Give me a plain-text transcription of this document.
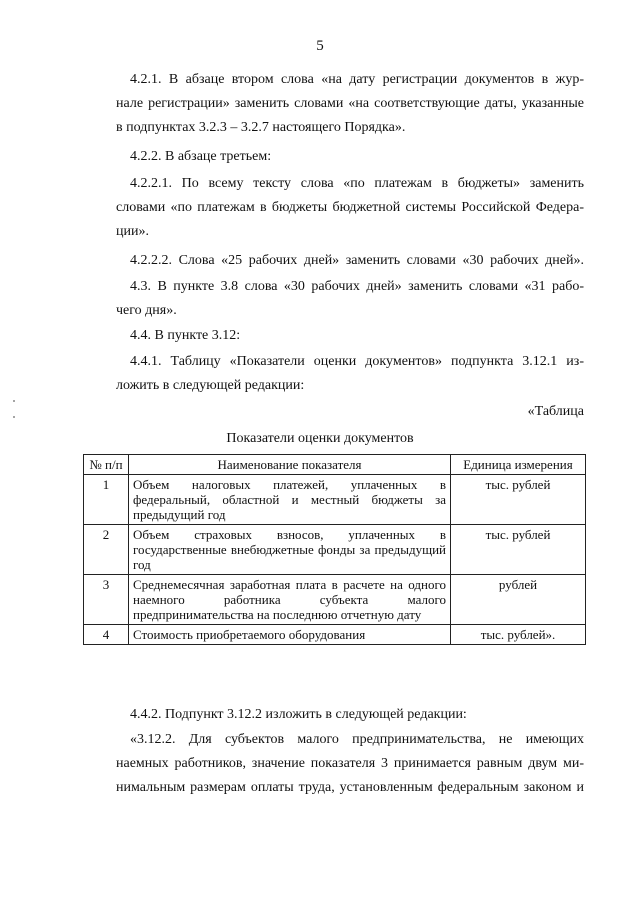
5

4.2.1. В абзаце втором слова «на дату регистрации документов в жур-
нале регистрации» заменить словами «на соответствующие даты, указанные
в подпунктах 3.2.3 – 3.2.7 настоящего Порядка».

4.2.2. В абзаце третьем:

4.2.2.1. По всему тексту слова «по платежам в бюджеты» заменить
словами «по платежам в бюджеты бюджетной системы Российской Федера-
ции».

4.2.2.2. Слова «25 рабочих дней» заменить словами «30 рабочих дней».

4.3. В пункте 3.8 слова «30 рабочих дней» заменить словами «31 рабо-
чего дня».

4.4. В пункте 3.12:

4.4.1. Таблицу «Показатели оценки документов» подпункта 3.12.1 из-
ложить в следующей редакции:

«Таблица
Показатели оценки документов
№ п/п	Наименование показателя	Единица измерения
1	Объем налоговых платежей, уплаченных в федеральный, областной и местный бюджеты за предыдущий год	тыс. рублей
2	Объем страховых взносов, уплаченных в государственные внебюджетные фонды за предыдущий год	тыс. рублей
3	Среднемесячная заработная плата в расчете на одного наемного работника субъекта малого предпринимательства на последнюю отчетную дату	рублей
4	Стоимость приобретаемого оборудования	тыс. рублей».

4.4.2. Подпункт 3.12.2 изложить в следующей редакции:

«3.12.2. Для субъектов малого предпринимательства, не имеющих
наемных работников, значение показателя 3 принимается равным двум ми-
нимальным размерам оплаты труда, установленным федеральным законом и
